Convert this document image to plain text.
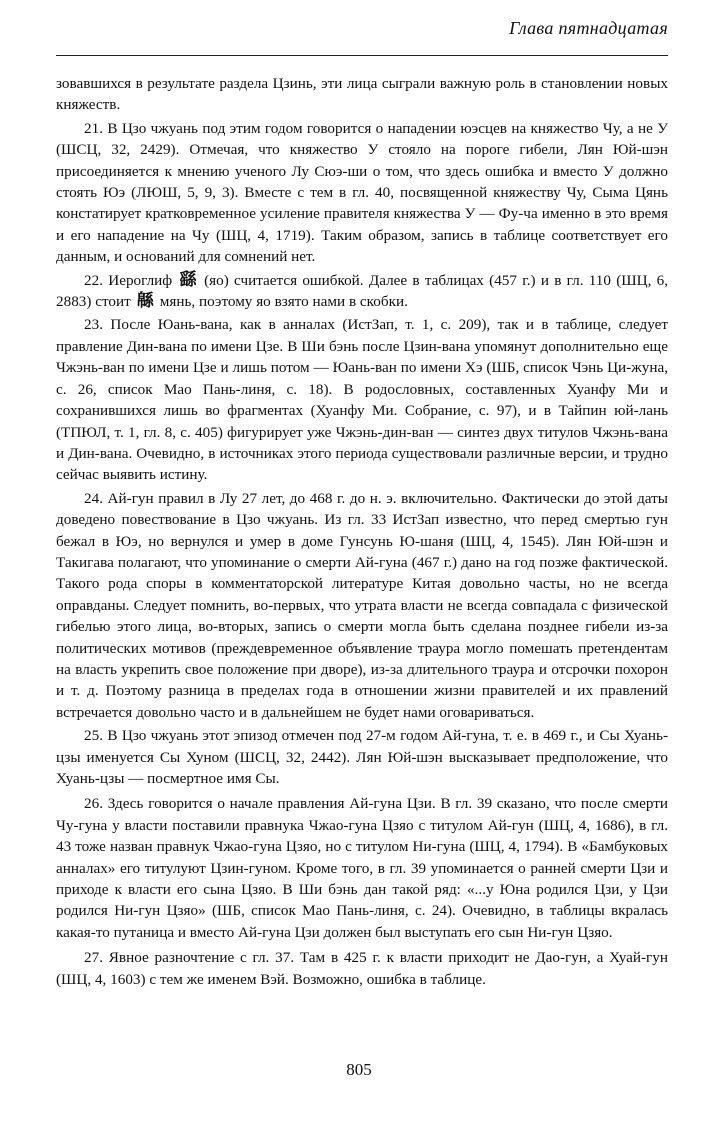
Глава пятнадцатая

зовавшихся в результате раздела Цзинь, эти лица сыграли важную роль в становлении новых княжеств.

21. В Цзо чжуань под этим годом говорится о нападении юэсцев на княжество Чу, а не У (ШСЦ, 32, 2429). Отмечая, что княжество У стояло на пороге гибели, Лян Юй-шэн присоединяется к мнению ученого Лу Сюэ-ши о том, что здесь ошибка и вместо У должно стоять Юэ (ЛЮШ, 5, 9, 3). Вместе с тем в гл. 40, посвященной княжеству Чу, Сыма Цянь констатирует кратковременное усиление правителя княжества У — Фу-ча именно в это время и его нападение на Чу (ШЦ, 4, 1719). Таким образом, запись в таблице соответствует его данным, и оснований для сомнений нет.

22. Иероглиф 繇 (яо) считается ошибкой. Далее в таблицах (457 г.) и в гл. 110 (ШЦ, 6, 2883) стоит 緜 мянь, поэтому яо взято нами в скобки.

23. После Юань-вана, как в анналах (ИстЗап, т. 1, с. 209), так и в таблице, следует правление Дин-вана по имени Цзе. В Ши бэнь после Цзин-вана упомянут дополнительно еще Чжэнь-ван по имени Цзе и лишь потом — Юань-ван по имени Хэ (ШБ, список Чэнь Ци-жуна, с. 26, список Мао Пань-линя, с. 18). В родословных, составленных Хуанфу Ми и сохранившихся лишь во фрагментах (Хуанфу Ми. Собрание, с. 97), и в Тайпин юй-лань (ТПЮЛ, т. 1, гл. 8, с. 405) фигурирует уже Чжэнь-дин-ван — синтез двух титулов Чжэнь-вана и Дин-вана. Очевидно, в источниках этого периода существовали различные версии, и трудно сейчас выявить истину.

24. Ай-гун правил в Лу 27 лет, до 468 г. до н. э. включительно. Фактически до этой даты доведено повествование в Цзо чжуань. Из гл. 33 ИстЗап известно, что перед смертью гун бежал в Юэ, но вернулся и умер в доме Гунсунь Ю-шаня (ШЦ, 4, 1545). Лян Юй-шэн и Такигава полагают, что упоминание о смерти Ай-гуна (467 г.) дано на год позже фактической. Такого рода споры в комментаторской литературе Китая довольно часты, но не всегда оправданы. Следует помнить, во-первых, что утрата власти не всегда совпадала с физической гибелью этого лица, во-вторых, запись о смерти могла быть сделана позднее гибели из-за политических мотивов (преждевременное объявление траура могло помешать претендентам на власть укрепить свое положение при дворе), из-за длительного траура и отсрочки похорон и т. д. Поэтому разница в пределах года в отношении жизни правителей и их правлений встречается довольно часто и в дальнейшем не будет нами оговариваться.

25. В Цзо чжуань этот эпизод отмечен под 27-м годом Ай-гуна, т. е. в 469 г., и Сы Хуань-цзы именуется Сы Хуном (ШСЦ, 32, 2442). Лян Юй-шэн высказывает предположение, что Хуань-цзы — посмертное имя Сы.

26. Здесь говорится о начале правления Ай-гуна Цзи. В гл. 39 сказано, что после смерти Чу-гуна у власти поставили правнука Чжао-гуна Цзяо с титулом Ай-гун (ШЦ, 4, 1686), в гл. 43 тоже назван правнук Чжао-гуна Цзяо, но с титулом Ни-гуна (ШЦ, 4, 1794). В «Бамбуковых анналах» его титулуют Цзин-гуном. Кроме того, в гл. 39 упоминается о ранней смерти Цзи и приходе к власти его сына Цзяо. В Ши бэнь дан такой ряд: «...у Юна родился Цзи, у Цзи родился Ни-гун Цзяо» (ШБ, список Мао Пань-линя, с. 24). Очевидно, в таблицы вкралась какая-то путаница и вместо Ай-гуна Цзи должен был выступать его сын Ни-гун Цзяо.

27. Явное разночтение с гл. 37. Там в 425 г. к власти приходит не Дао-гун, а Хуай-гун (ШЦ, 4, 1603) с тем же именем Вэй. Возможно, ошибка в таблице.

805
